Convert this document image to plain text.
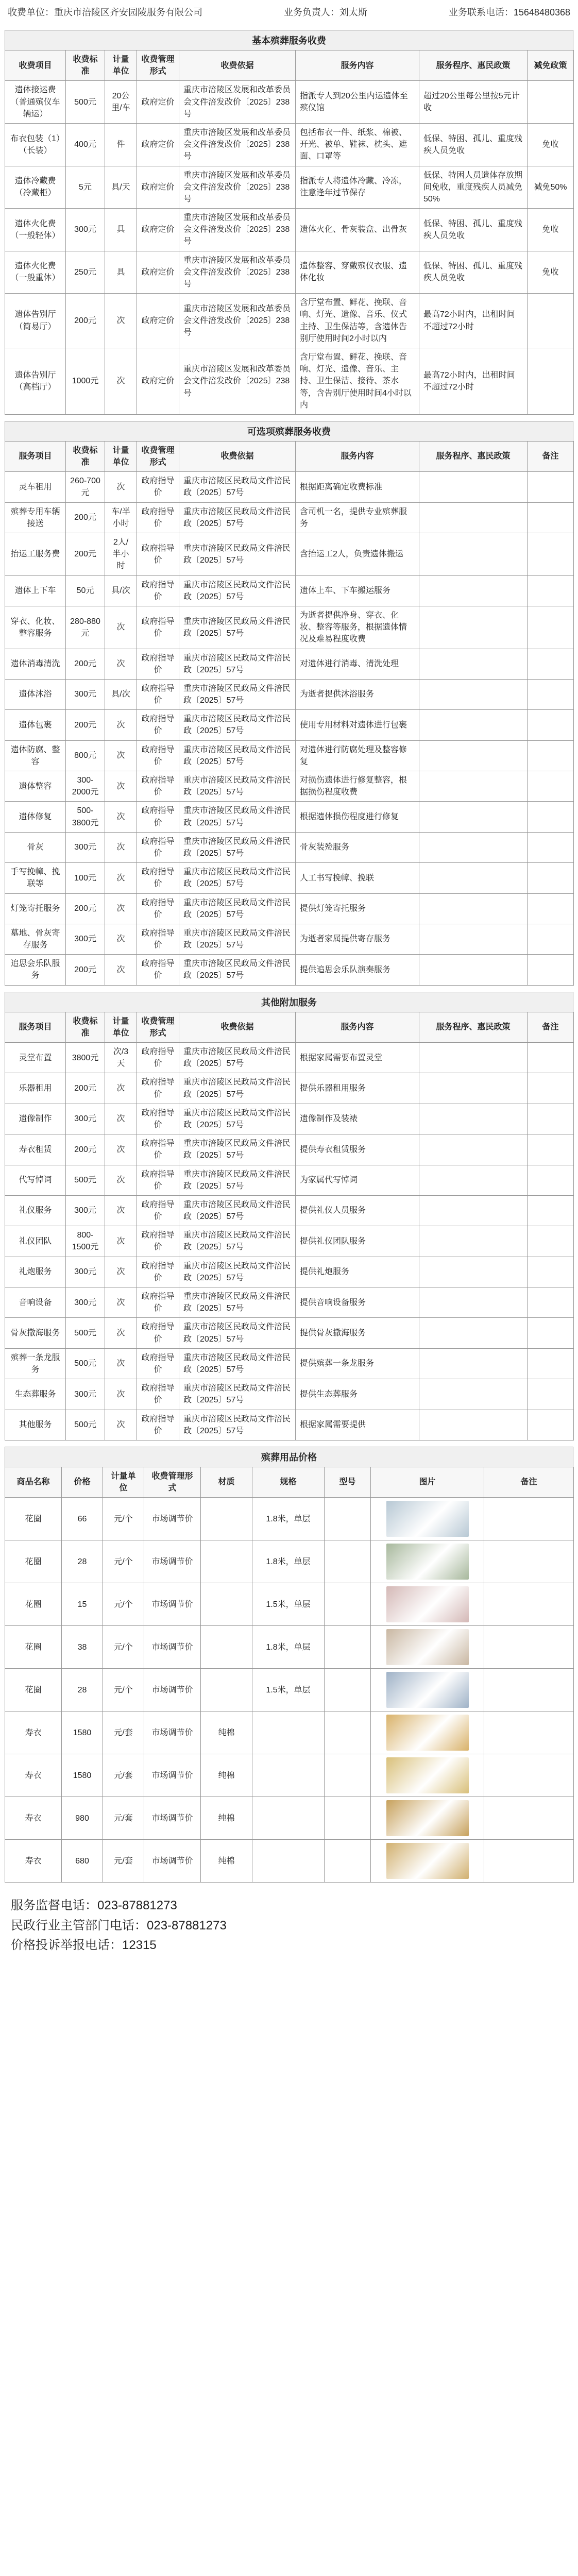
收费单位：重庆市涪陵区齐安园陵服务有限公司	业务负责人：刘太斯	业务联系电话：15648480368
基本殡葬服务收费
收费项目	收费标准	计量单位	收费管理形式	收费依据	服务内容	服务程序、惠民政策	减免政策
遗体接运费（普通殡仪车辆运）	500元	20公里/车	政府定价	重庆市涪陵区发展和改革委员会文件涪发改价〔2025〕238号	指派专人到20公里内运遗体至殡仪馆	超过20公里每公里按5元计收	
布衣包装（1）（长装）	400元	件	政府定价	重庆市涪陵区发展和改革委员会文件涪发改价〔2025〕238号	包括布衣一件、纸浆、棉被、开光、被单、鞋袜、枕头、遮面、口罩等	低保、特困、孤儿、重度残疾人员免收	免收
遗体冷藏费（冷藏柜）	5元	具/天	政府定价	重庆市涪陵区发展和改革委员会文件涪发改价〔2025〕238号	指派专人将遗体冷藏、冷冻，注意逢年过节保存	低保、特困人员遗体存放期间免收，重度残疾人员减免50%	减免50%
遗体火化费（一般轻体）	300元	具	政府定价	重庆市涪陵区发展和改革委员会文件涪发改价〔2025〕238号	遗体火化、骨灰装盒、出骨灰	低保、特困、孤儿、重度残疾人员免收	免收
遗体火化费（一般重体）	250元	具	政府定价	重庆市涪陵区发展和改革委员会文件涪发改价〔2025〕238号	遗体整容、穿戴殡仪衣服、遗体化妆	低保、特困、孤儿、重度残疾人员免收	免收
遗体告别厅（简易厅）	200元	次	政府定价	重庆市涪陵区发展和改革委员会文件涪发改价〔2025〕238号	含厅堂布置、鲜花、挽联、音响、灯光、遗像、音乐、仪式主持、卫生保洁等，含遗体告别厅使用时间2小时以内	最高72小时内，出租时间不超过72小时	
遗体告别厅（高档厅）	1000元	次	政府定价	重庆市涪陵区发展和改革委员会文件涪发改价〔2025〕238号	含厅堂布置、鲜花、挽联、音响、灯光、遗像、音乐、主持、卫生保洁、接待、茶水等，含告别厅使用时间4小时以内	最高72小时内，出租时间不超过72小时	
可选项殡葬服务收费
服务项目	收费标准	计量单位	收费管理形式	收费依据	服务内容	服务程序、惠民政策	备注
灵车租用	260-700元	次	政府指导价	重庆市涪陵区民政局文件涪民政〔2025〕57号	根据距离确定收费标准		
殡葬专用车辆接送	200元	车/半小时	政府指导价	重庆市涪陵区民政局文件涪民政〔2025〕57号	含司机一名，提供专业殡葬服务		
抬运工服务费	200元	2人/半小时	政府指导价	重庆市涪陵区民政局文件涪民政〔2025〕57号	含抬运工2人，负责遗体搬运		
遗体上下车	50元	具/次	政府指导价	重庆市涪陵区民政局文件涪民政〔2025〕57号	遗体上车、下车搬运服务		
穿衣、化妆、整容服务	280-880元	次	政府指导价	重庆市涪陵区民政局文件涪民政〔2025〕57号	为逝者提供净身、穿衣、化妆、整容等服务，根据遗体情况及难易程度收费		
遗体消毒清洗	200元	次	政府指导价	重庆市涪陵区民政局文件涪民政〔2025〕57号	对遗体进行消毒、清洗处理		
遗体沐浴	300元	具/次	政府指导价	重庆市涪陵区民政局文件涪民政〔2025〕57号	为逝者提供沐浴服务		
遗体包裹	200元	次	政府指导价	重庆市涪陵区民政局文件涪民政〔2025〕57号	使用专用材料对遗体进行包裹		
遗体防腐、整容	800元	次	政府指导价	重庆市涪陵区民政局文件涪民政〔2025〕57号	对遗体进行防腐处理及整容修复		
遗体整容	300-2000元	次	政府指导价	重庆市涪陵区民政局文件涪民政〔2025〕57号	对损伤遗体进行修复整容，根据损伤程度收费		
遗体修复	500-3800元	次	政府指导价	重庆市涪陵区民政局文件涪民政〔2025〕57号	根据遗体损伤程度进行修复		
骨灰	300元	次	政府指导价	重庆市涪陵区民政局文件涪民政〔2025〕57号	骨灰装殓服务		
手写挽幛、挽联等	100元	次	政府指导价	重庆市涪陵区民政局文件涪民政〔2025〕57号	人工书写挽幛、挽联		
灯笼寄托服务	200元	次	政府指导价	重庆市涪陵区民政局文件涪民政〔2025〕57号	提供灯笼寄托服务		
墓地、骨灰寄存服务	300元	次	政府指导价	重庆市涪陵区民政局文件涪民政〔2025〕57号	为逝者家属提供寄存服务		
追思会乐队服务	200元	次	政府指导价	重庆市涪陵区民政局文件涪民政〔2025〕57号	提供追思会乐队演奏服务		
其他附加服务
服务项目	收费标准	计量单位	收费管理形式	收费依据	服务内容	服务程序、惠民政策	备注
灵堂布置	3800元	次/3天	政府指导价	重庆市涪陵区民政局文件涪民政〔2025〕57号	根据家属需要布置灵堂		
乐器租用	200元	次	政府指导价	重庆市涪陵区民政局文件涪民政〔2025〕57号	提供乐器租用服务		
遗像制作	300元	次	政府指导价	重庆市涪陵区民政局文件涪民政〔2025〕57号	遗像制作及装裱		
寿衣租赁	200元	次	政府指导价	重庆市涪陵区民政局文件涪民政〔2025〕57号	提供寿衣租赁服务		
代写悼词	500元	次	政府指导价	重庆市涪陵区民政局文件涪民政〔2025〕57号	为家属代写悼词		
礼仪服务	300元	次	政府指导价	重庆市涪陵区民政局文件涪民政〔2025〕57号	提供礼仪人员服务		
礼仪团队	800-1500元	次	政府指导价	重庆市涪陵区民政局文件涪民政〔2025〕57号	提供礼仪团队服务		
礼炮服务	300元	次	政府指导价	重庆市涪陵区民政局文件涪民政〔2025〕57号	提供礼炮服务		
音响设备	300元	次	政府指导价	重庆市涪陵区民政局文件涪民政〔2025〕57号	提供音响设备服务		
骨灰撒海服务	500元	次	政府指导价	重庆市涪陵区民政局文件涪民政〔2025〕57号	提供骨灰撒海服务		
殡葬一条龙服务	500元	次	政府指导价	重庆市涪陵区民政局文件涪民政〔2025〕57号	提供殡葬一条龙服务		
生态葬服务	300元	次	政府指导价	重庆市涪陵区民政局文件涪民政〔2025〕57号	提供生态葬服务		
其他服务	500元	次	政府指导价	重庆市涪陵区民政局文件涪民政〔2025〕57号	根据家属需要提供		
殡葬用品价格
商品名称	价格	计量单位	收费管理形式	材质	规格	型号	图片	备注
花圈	66	元/个	市场调节价		1.8米，单层		

花圈	28	元/个	市场调节价		1.8米，单层		

花圈	15	元/个	市场调节价		1.5米，单层		

花圈	38	元/个	市场调节价		1.8米，单层		

花圈	28	元/个	市场调节价		1.5米，单层		

寿衣	1580	元/套	市场调节价	纯棉			

寿衣	1580	元/套	市场调节价	纯棉			

寿衣	980	元/套	市场调节价	纯棉			

寿衣	680	元/套	市场调节价	纯棉			

服务监督电话：023-87881273
民政行业主管部门电话：023-87881273
价格投诉举报电话：12315
